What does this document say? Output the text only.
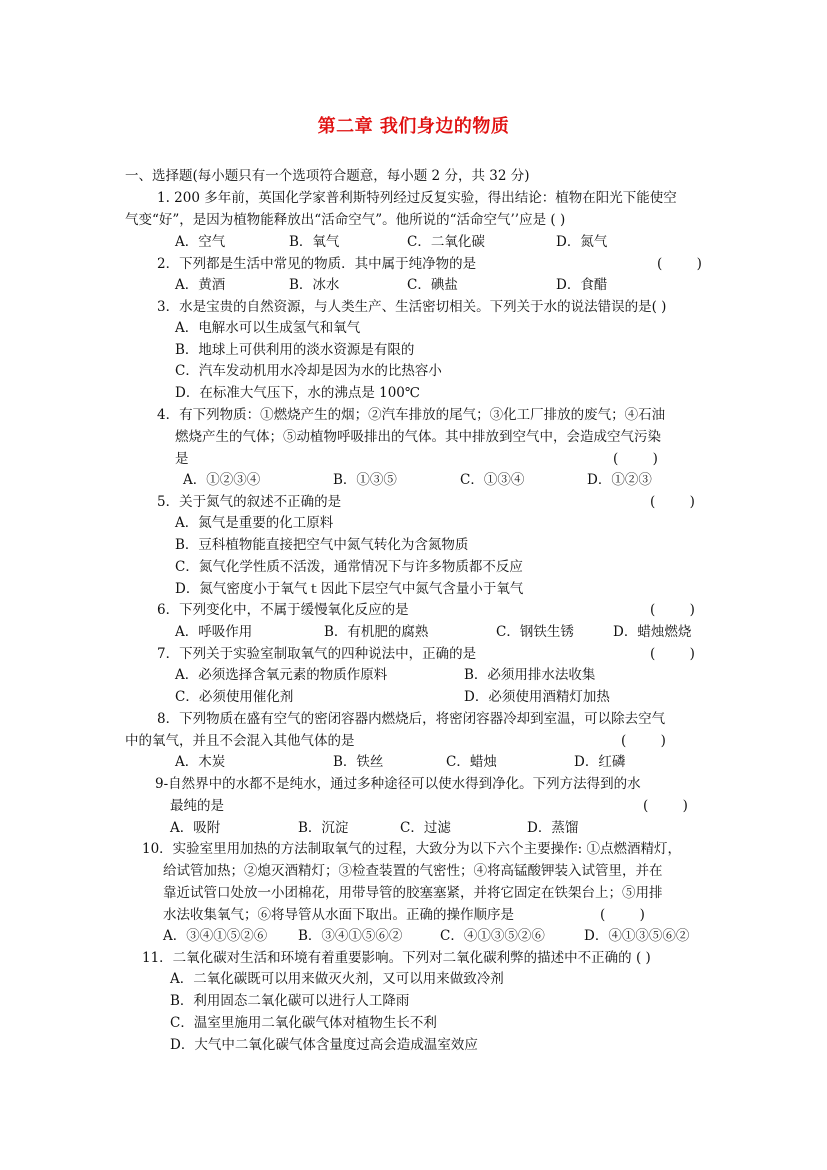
第二章 我们身边的物质
一、选择题(每小题只有一个选项符合题意，每小题 2 分，共 32 分)
1. 200 多年前，英国化学家普利斯特列经过反复实验，得出结论：植物在阳光下能使空
气变“好”，是因为植物能释放出“活命空气”。他所说的“活命空气’’应是 ( )
A．空气	B．氧气	C．二氧化碳	D．氮气
2．下列都是生活中常见的物质．其中属于纯净物的是	(        )
A．黄酒	B．冰水	C．碘盐	D．食醋
3．水是宝贵的自然资源，与人类生产、生活密切相关。下列关于水的说法错误的是( )
A．电解水可以生成氢气和氧气
B．地球上可供利用的淡水资源是有限的
C．汽车发动机用水冷却是因为水的比热容小
D．在标准大气压下，水的沸点是 100℃
4．有下列物质：①燃烧产生的烟；②汽车排放的尾气；③化工厂排放的废气；④石油
燃烧产生的气体；⑤动植物呼吸排出的气体。其中排放到空气中，会造成空气污染
是	(        )
A．①②③④	B．①③⑤	C．①③④	D．①②③
5．关于氮气的叙述不正确的是	(        )
A．氮气是重要的化工原料
B．豆科植物能直接把空气中氮气转化为含氮物质
C．氮气化学性质不活泼，通常情况下与许多物质都不反应
D．氮气密度小于氧气ｔ因此下层空气中氮气含量小于氧气
6．下列变化中，不属于缓慢氧化反应的是	(        )
A．呼吸作用	B．有机肥的腐熟	C．钢铁生锈	D．蜡烛燃烧
7．下列关于实验室制取氧气的四种说法中，正确的是	(        )
A．必须选择含氧元素的物质作原料	B．必须用排水法收集
C．必须使用催化剂	D．必须使用酒精灯加热
8．下列物质在盛有空气的密闭容器内燃烧后，将密闭容器冷却到室温，可以除去空气
中的氧气，并且不会混入其他气体的是	(        )
A．木炭	B．铁丝	C．蜡烛	D．红磷
9-自然界中的水都不是纯水，通过多种途径可以使水得到净化。下列方法得到的水
最纯的是	(        )
A．吸附	B．沉淀	C．过滤	D．蒸馏
10．实验室里用加热的方法制取氧气的过程，大致分为以下六个主要操作: ①点燃酒精灯，
给试管加热；②熄灭酒精灯；③检查装置的气密性；④将高锰酸钾装入试管里，并在
靠近试管口处放一小团棉花，用带导管的胶塞塞紧，并将它固定在铁架台上；⑤用排
水法收集氧气；⑥将导管从水面下取出。正确的操作顺序是	(        )
A．③④①⑤②⑥ B．③④①⑤⑥②	C．④①③⑤②⑥	D．④①③⑤⑥②
11．二氧化碳对生活和环境有着重要影响。下列对二氧化碳利弊的描述中不正确的 ( )
A．二氧化碳既可以用来做灭火剂，又可以用来做致冷剂
B．利用固态二氧化碳可以进行人工降雨
C．温室里施用二氧化碳气体对植物生长不利
D．大气中二氧化碳气体含量度过高会造成温室效应
